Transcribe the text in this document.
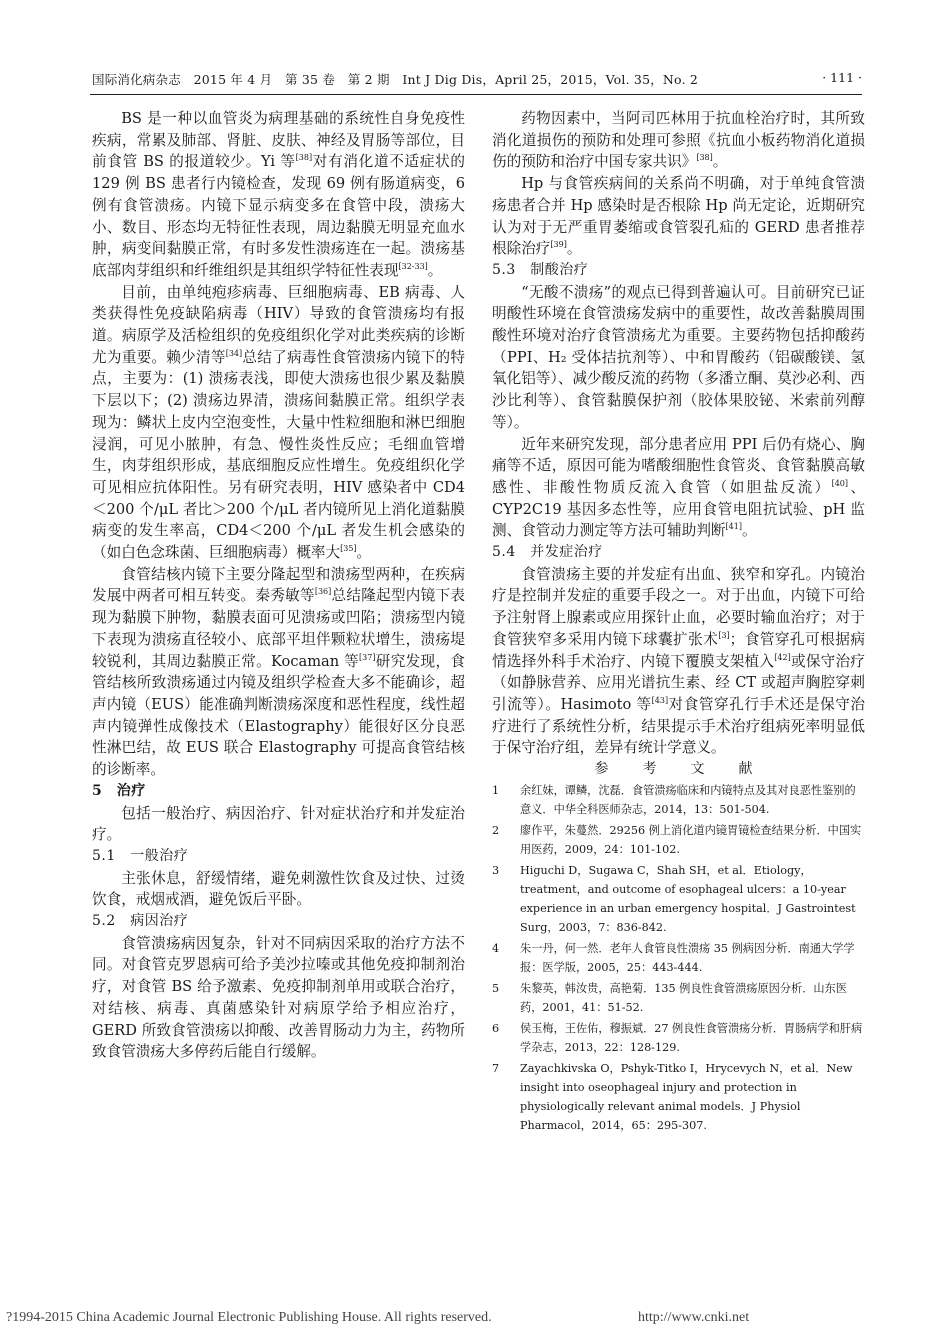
国际消化病杂志　 2015 年 4 月　 第 35 卷　 第 2 期　 Int J Dig Dis，April 25，2015，Vol. 35，No. 2	· 111 ·

BS 是一种以血管炎为病理基础的系统性自身免疫性疾病，常累及肺部、肾脏、皮肤、神经及胃肠等部位，目前食管 BS 的报道较少。Yi 等[38]对有消化道不适症状的 129 例 BS 患者行内镜检查，发现 69 例有肠道病变，6 例有食管溃疡。内镜下显示病变多在食管中段，溃疡大小、数目、形态均无特征性表现，周边黏膜无明显充血水肿，病变间黏膜正常，有时多发性溃疡连在一起。溃疡基底部肉芽组织和纤维组织是其组织学特征性表现[32-33]。

目前，由单纯疱疹病毒、巨细胞病毒、EB 病毒、人类获得性免疫缺陷病毒（HIV）导致的食管溃疡均有报道。病原学及活检组织的免疫组织化学对此类疾病的诊断尤为重要。赖少清等[34]总结了病毒性食管溃疡内镜下的特点，主要为：(1) 溃疡表浅，即使大溃疡也很少累及黏膜下层以下；(2) 溃疡边界清，溃疡间黏膜正常。组织学表现为：鳞状上皮内空泡变性，大量中性粒细胞和淋巴细胞浸润，可见小脓肿，有急、慢性炎性反应；毛细血管增生，肉芽组织形成，基底细胞反应性增生。免疫组织化学可见相应抗体阳性。另有研究表明，HIV 感染者中 CD4＜200 个/μL 者比＞200 个/μL 者内镜所见上消化道黏膜病变的发生率高，CD4＜200 个/μL 者发生机会感染的（如白色念珠菌、巨细胞病毒）概率大[35]。

食管结核内镜下主要分隆起型和溃疡型两种，在疾病发展中两者可相互转变。秦秀敏等[36]总结隆起型内镜下表现为黏膜下肿物，黏膜表面可见溃疡或凹陷；溃疡型内镜下表现为溃疡直径较小、底部平坦伴颗粒状增生，溃疡堤较锐利，其周边黏膜正常。Kocaman 等[37]研究发现，食管结核所致溃疡通过内镜及组织学检查大多不能确诊，超声内镜（EUS）能准确判断溃疡深度和恶性程度，线性超声内镜弹性成像技术（Elastography）能很好区分良恶性淋巴结，故 EUS 联合 Elastography 可提高食管结核的诊断率。

5　治疗

包括一般治疗、病因治疗、针对症状治疗和并发症治疗。

5.1　一般治疗

主张休息，舒缓情绪，避免刺激性饮食及过快、过烫饮食，戒烟戒酒，避免饭后平卧。

5.2　病因治疗

食管溃疡病因复杂，针对不同病因采取的治疗方法不同。对食管克罗恩病可给予美沙拉嗪或其他免疫抑制剂治疗，对食管 BS 给予激素、免疫抑制剂单用或联合治疗，对结核、病毒、真菌感染针对病原学给予相应治疗，GERD 所致食管溃疡以抑酸、改善胃肠动力为主，药物所致食管溃疡大多停药后能自行缓解。

药物因素中，当阿司匹林用于抗血栓治疗时，其所致消化道损伤的预防和处理可参照《抗血小板药物消化道损伤的预防和治疗中国专家共识》[38]。

Hp 与食管疾病间的关系尚不明确，对于单纯食管溃疡患者合并 Hp 感染时是否根除 Hp 尚无定论，近期研究认为对于无严重胃萎缩或食管裂孔疝的 GERD 患者推荐根除治疗[39]。

5.3　制酸治疗

“无酸不溃疡”的观点已得到普遍认可。目前研究已证明酸性环境在食管溃疡发病中的重要性，故改善黏膜周围酸性环境对治疗食管溃疡尤为重要。主要药物包括抑酸药（PPI、H₂ 受体拮抗剂等）、中和胃酸药（铝碳酸镁、氢氧化铝等）、减少酸反流的药物（多潘立酮、莫沙必利、西沙比利等）、食管黏膜保护剂（胶体果胶铋、米索前列醇等）。

近年来研究发现，部分患者应用 PPI 后仍有烧心、胸痛等不适，原因可能为嗜酸细胞性食管炎、食管黏膜高敏感性、非酸性物质反流入食管（如胆盐反流）[40]、CYP2C19 基因多态性等，应用食管电阻抗试验、pH 监测、食管动力测定等方法可辅助判断[41]。

5.4　并发症治疗

食管溃疡主要的并发症有出血、狭窄和穿孔。内镜治疗是控制并发症的重要手段之一。对于出血，内镜下可给予注射肾上腺素或应用探针止血，必要时输血治疗；对于食管狭窄多采用内镜下球囊扩张术[3]；食管穿孔可根据病情选择外科手术治疗、内镜下覆膜支架植入[42]或保守治疗（如静脉营养、应用光谱抗生素、经 CT 或超声胸腔穿刺引流等）。Hasimoto 等[43]对食管穿孔行手术还是保守治疗进行了系统性分析，结果提示手术治疗组病死率明显低于保守治疗组，差异有统计学意义。

参　考　文　献

1 余红妹，谭鳞，沈磊．食管溃疡临床和内镜特点及其对良恶性鉴别的意义．中华全科医师杂志，2014，13：501-504.
2 廖作平，朱蔓然．29256 例上消化道内镜胃镜检查结果分析．中国实用医药，2009，24：101-102.
3 Higuchi D，Sugawa C，Shah SH，et al．Etiology，treatment，and outcome of esophageal ulcers：a 10-year experience in an urban emergency hospital．J Gastrointest Surg，2003，7：836-842.
4 朱一丹，何一然．老年人食管良性溃疡 35 例病因分析．南通大学学报：医学版，2005，25：443-444.
5 朱黎英，韩汝贵，高艳菊．135 例良性食管溃疡原因分析．山东医药，2001，41：51-52.
6 侯玉梅，王佐佑，穆振斌．27 例良性食管溃疡分析．胃肠病学和肝病学杂志，2013，22：128-129.
7 Zayachkivska O，Pshyk-Titko I，Hrycevych N，et al．New insight into oseophageal injury and protection in physiologically relevant animal models．J Physiol Pharmacol，2014，65：295-307.
?1994-2015 China Academic Journal Electronic Publishing House. All rights reserved.	http://www.cnki.net
